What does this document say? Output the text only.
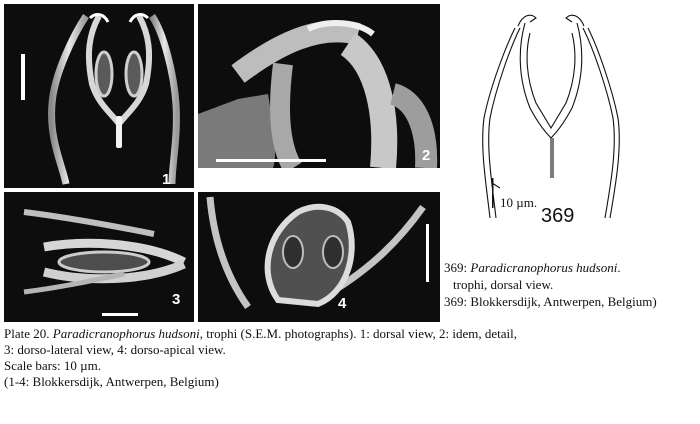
1
2
3	4
10 µm.
369
369: Paradicranophorus hudsoni.
trophi, dorsal view.
369: Blokkersdijk, Antwerpen, Belgium)
Plate 20. Paradicranophorus hudsoni, trophi (S.E.M. photographs). 1: dorsal view, 2: idem, detail,
3: dorso-lateral view, 4: dorso-apical view.
Scale bars: 10 µm.
(1-4: Blokkersdijk, Antwerpen, Belgium)
